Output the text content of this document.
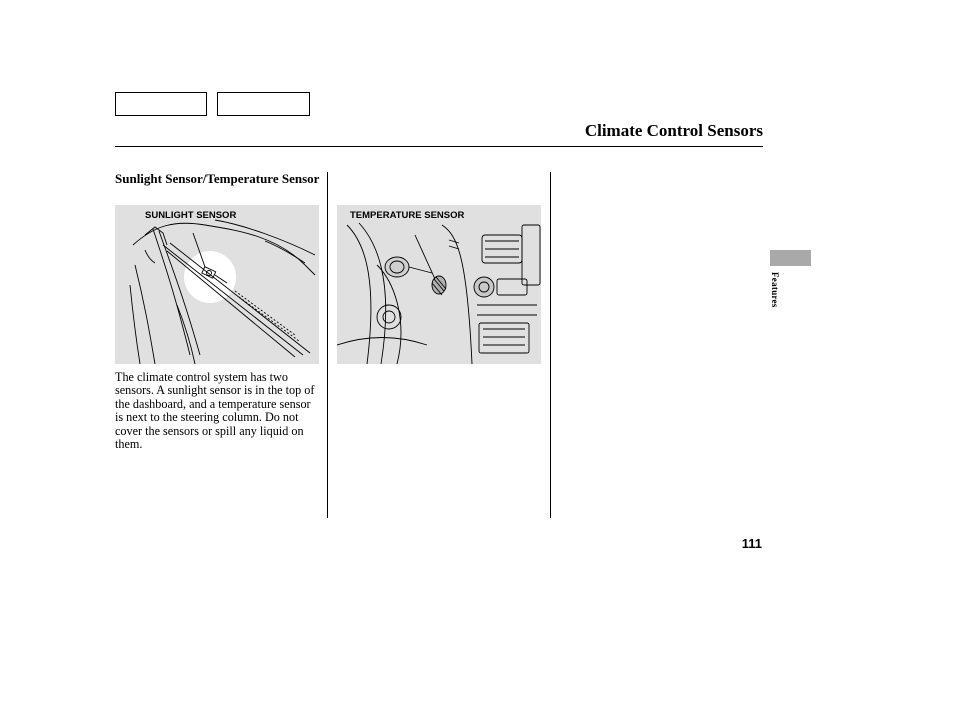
Climate Control Sensors
Sunlight Sensor/Temperature Sensor
SUNLIGHT SENSOR	TEMPERATURE SENSOR
The climate control system has two sensors. A sunlight sensor is in the top of the dashboard, and a temperature sensor is next to the steering column. Do not cover the sensors or spill any liquid on them.
Features
111
